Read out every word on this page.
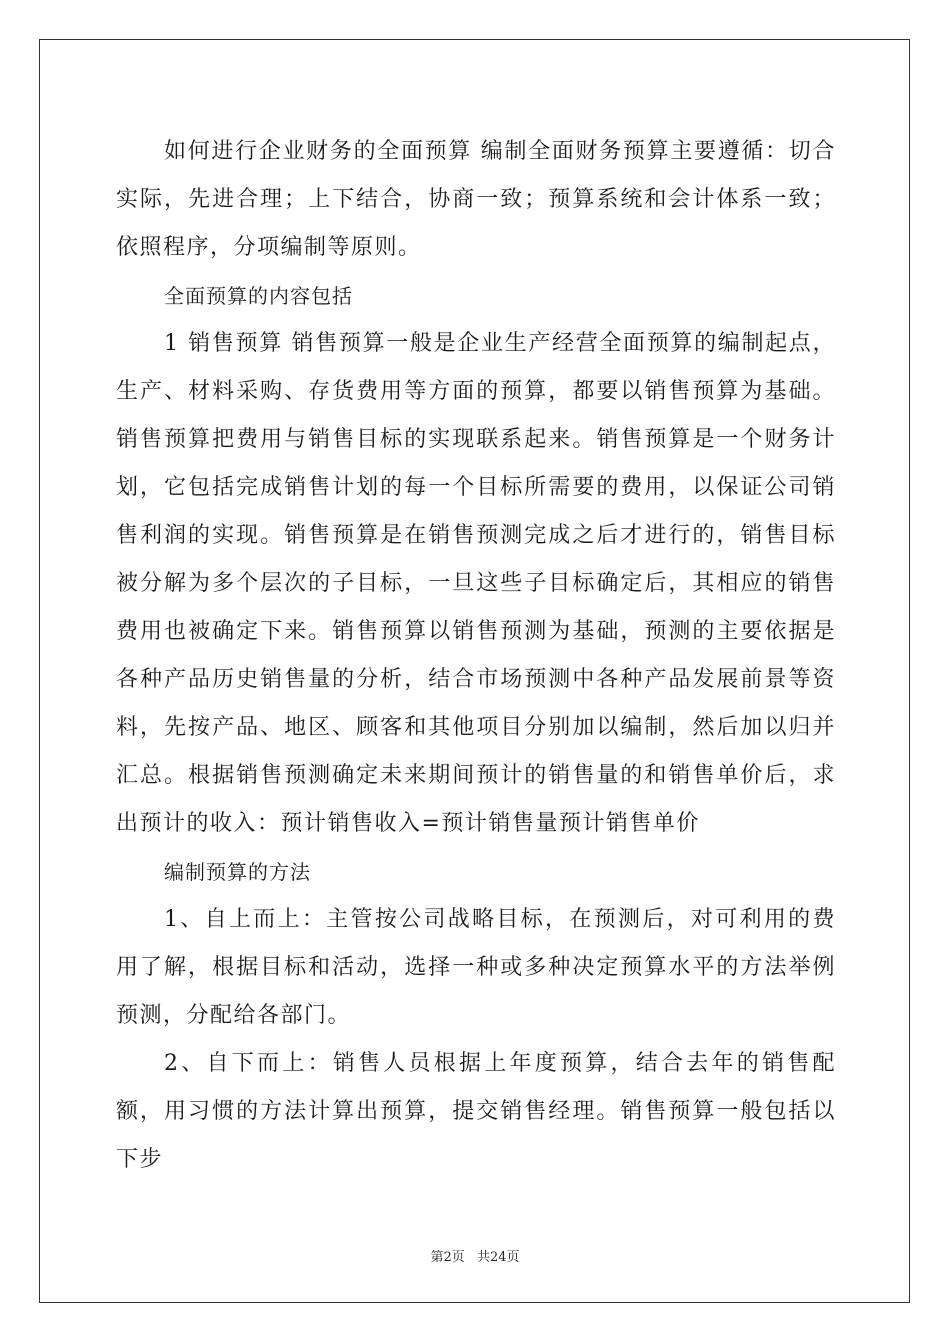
如何进行企业财务的全面预算 编制全面财务预算主要遵循：切合实际，先进合理；上下结合，协商一致；预算系统和会计体系一致；依照程序，分项编制等原则。

全面预算的内容包括

1 销售预算 销售预算一般是企业生产经营全面预算的编制起点，生产、材料采购、存货费用等方面的预算，都要以销售预算为基础。销售预算把费用与销售目标的实现联系起来。销售预算是一个财务计划，它包括完成销售计划的每一个目标所需要的费用，以保证公司销售利润的实现。销售预算是在销售预测完成之后才进行的，销售目标被分解为多个层次的子目标，一旦这些子目标确定后，其相应的销售费用也被确定下来。销售预算以销售预测为基础，预测的主要依据是各种产品历史销售量的分析，结合市场预测中各种产品发展前景等资料，先按产品、地区、顾客和其他项目分别加以编制，然后加以归并汇总。根据销售预测确定未来期间预计的销售量的和销售单价后，求出预计的收入：预计销售收入=预计销售量预计销售单价

编制预算的方法

1、自上而上：主管按公司战略目标，在预测后，对可利用的费用了解，根据目标和活动，选择一种或多种决定预算水平的方法举例预测，分配给各部门。

2、自下而上：销售人员根据上年度预算，结合去年的销售配额，用习惯的方法计算出预算，提交销售经理。销售预算一般包括以下步

第2页 共24页
